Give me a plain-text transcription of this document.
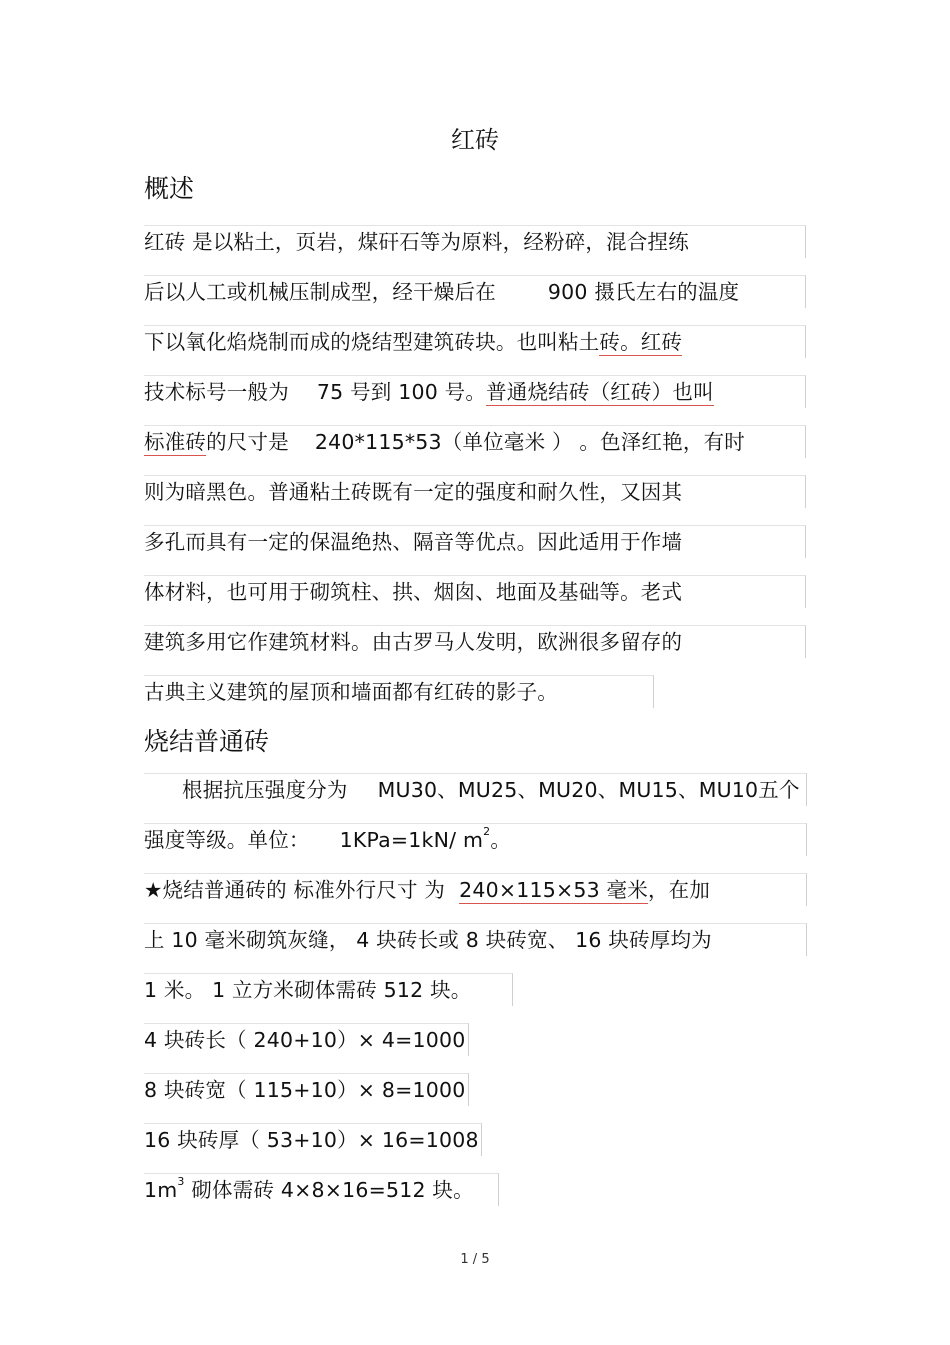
红砖
概述
红砖 是以粘土，页岩，煤矸石等为原料，经粉碎，混合捏练
后以人工或机械压制成型，经干燥后在	900 摄氏左右的温度
下以氧化焰烧制而成的烧结型建筑砖块。也叫粘土砖。红砖
技术标号一般为 75 号到 100 号。普通烧结砖（红砖）也叫
标准砖的尺寸是 240*115*53（单位毫米 ） 。色泽红艳，有时
则为暗黑色。普通粘土砖既有一定的强度和耐久性，又因其
多孔而具有一定的保温绝热、隔音等优点。因此适用于作墙
体材料，也可用于砌筑柱、拱、烟囱、地面及基础等。老式
建筑多用它作建筑材料。由古罗马人发明，欧洲很多留存的
古典主义建筑的屋顶和墙面都有红砖的影子。
烧结普通砖
根据抗压强度分为 MU30、MU25、MU20、MU15、MU10五个
强度等级。单位： 1KPa=1kN/ $m^2$。
★烧结普通砖的 标准外行尺寸 为 240×115×53 毫米，在加
上 10 毫米砌筑灰缝， 4 块砖长或 8 块砖宽、 16 块砖厚均为
1 米。 1 立方米砌体需砖 512 块。
4 块砖长（ 240+10）× 4=1000
8 块砖宽（ 115+10）× 8=1000
16 块砖厚（ 53+10）× 16=1008
$1m^3$ 砌体需砖 4×8×16=512 块。
1 / 5
